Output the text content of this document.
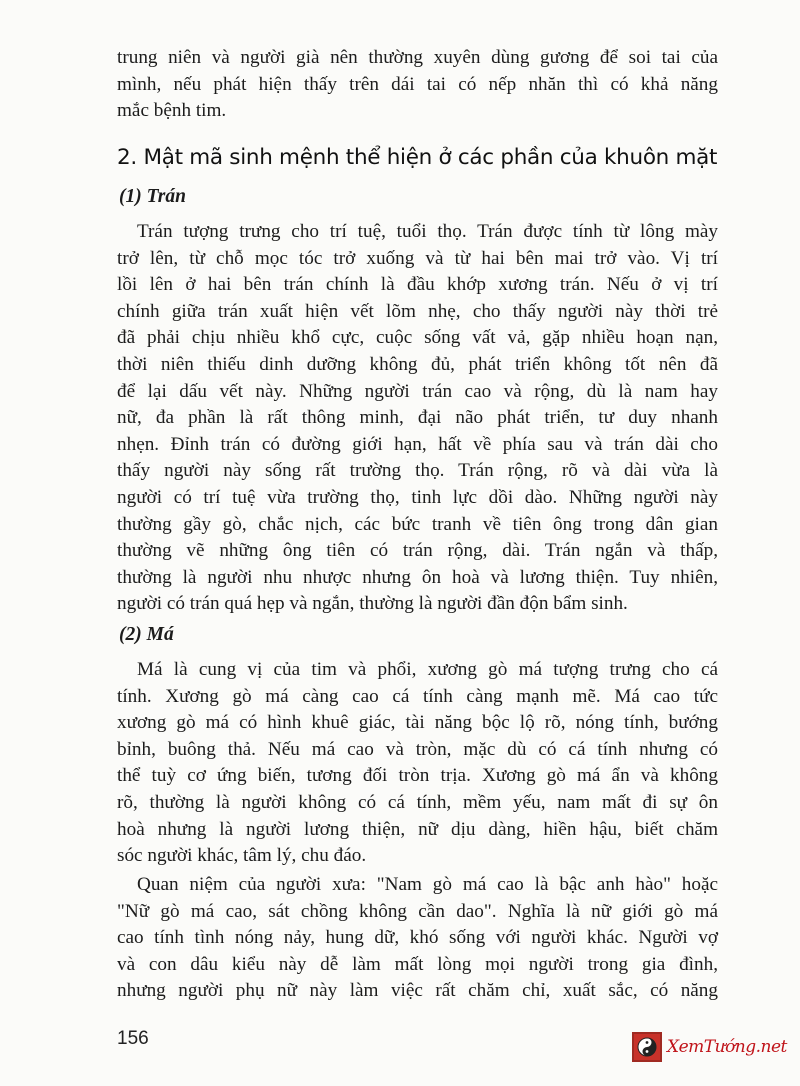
trung niên và người già nên thường xuyên dùng gương để soi tai của
mình, nếu phát hiện thấy trên dái tai có nếp nhăn thì có khả năng
mắc bệnh tim.
2. Mật mã sinh mệnh thể hiện ở các phần của khuôn mặt
(1) Trán
Trán tượng trưng cho trí tuệ, tuổi thọ. Trán được tính từ lông mày
trở lên, từ chỗ mọc tóc trở xuống và từ hai bên mai trở vào. Vị trí
lồi lên ở hai bên trán chính là đầu khớp xương trán. Nếu ở vị trí
chính giữa trán xuất hiện vết lõm nhẹ, cho thấy người này thời trẻ
đã phải chịu nhiều khổ cực, cuộc sống vất vả, gặp nhiều hoạn nạn,
thời niên thiếu dinh dưỡng không đủ, phát triển không tốt nên đã
để lại dấu vết này. Những người trán cao và rộng, dù là nam hay
nữ, đa phần là rất thông minh, đại não phát triển, tư duy nhanh
nhẹn. Đỉnh trán có đường giới hạn, hất về phía sau và trán dài cho
thấy người này sống rất trường thọ. Trán rộng, rõ và dài vừa là
người có trí tuệ vừa trường thọ, tinh lực dồi dào. Những người này
thường gầy gò, chắc nịch, các bức tranh về tiên ông trong dân gian
thường vẽ những ông tiên có trán rộng, dài. Trán ngắn và thấp,
thường là người nhu nhược nhưng ôn hoà và lương thiện. Tuy nhiên,
người có trán quá hẹp và ngắn, thường là người đần độn bẩm sinh.
(2) Má
Má là cung vị của tim và phổi, xương gò má tượng trưng cho cá
tính. Xương gò má càng cao cá tính càng mạnh mẽ. Má cao tức
xương gò má có hình khuê giác, tài năng bộc lộ rõ, nóng tính, bướng
bỉnh, buông thả. Nếu má cao và tròn, mặc dù có cá tính nhưng có
thể tuỳ cơ ứng biến, tương đối tròn trịa. Xương gò má ẩn và không
rõ, thường là người không có cá tính, mềm yếu, nam mất đi sự ôn
hoà nhưng là người lương thiện, nữ dịu dàng, hiền hậu, biết chăm
sóc người khác, tâm lý, chu đáo.
Quan niệm của người xưa: "Nam gò má cao là bậc anh hào" hoặc
"Nữ gò má cao, sát chồng không cần dao". Nghĩa là nữ giới gò má
cao tính tình nóng nảy, hung dữ, khó sống với người khác. Người vợ
và con dâu kiểu này dễ làm mất lòng mọi người trong gia đình,
nhưng người phụ nữ này làm việc rất chăm chỉ, xuất sắc, có năng
156	XemTướng.net
